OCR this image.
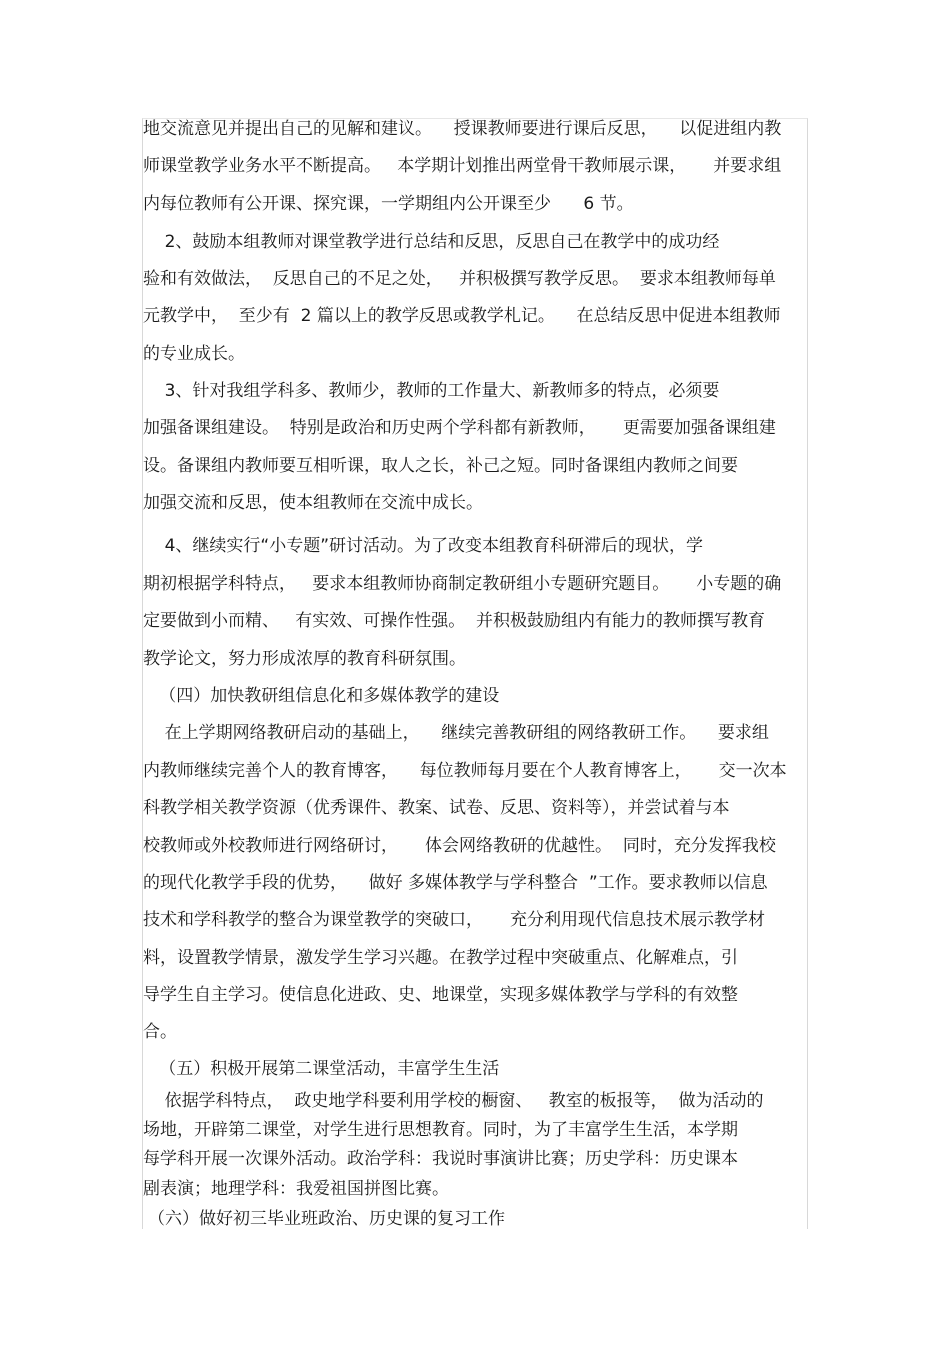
地交流意见并提出自己的见解和建议。    授课教师要进行课后反思，    以促进组内教
师课堂教学业务水平不断提高。   本学期计划推出两堂骨干教师展示课，     并要求组
内每位教师有公开课、探究课，一学期组内公开课至少      6 节。
2、鼓励本组教师对课堂教学进行总结和反思，反思自己在教学中的成功经
验和有效做法，  反思自己的不足之处，   并积极撰写教学反思。  要求本组教师每单
元教学中，  至少有  2 篇以上的教学反思或教学札记。    在总结反思中促进本组教师
的专业成长。
3、针对我组学科多、教师少，教师的工作量大、新教师多的特点，必须要
加强备课组建设。  特别是政治和历史两个学科都有新教师，     更需要加强备课组建
设。备课组内教师要互相听课，取人之长，补己之短。同时备课组内教师之间要
加强交流和反思，使本组教师在交流中成长。
4、继续实行“小专题”研讨活动。为了改变本组教育科研滞后的现状，学
期初根据学科特点，   要求本组教师协商制定教研组小专题研究题目。     小专题的确
定要做到小而精、   有实效、可操作性强。  并积极鼓励组内有能力的教师撰写教育
教学论文，努力形成浓厚的教育科研氛围。
（四）加快教研组信息化和多媒体教学的建设
在上学期网络教研启动的基础上，    继续完善教研组的网络教研工作。    要求组
内教师继续完善个人的教育博客，    每位教师每月要在个人教育博客上，     交一次本
科教学相关教学资源（优秀课件、教案、试卷、反思、资料等），并尝试着与本
校教师或外校教师进行网络研讨，     体会网络教研的优越性。  同时，充分发挥我校
的现代化教学手段的优势，    做好 多媒体教学与学科整合  ”工作。要求教师以信息
技术和学科教学的整合为课堂教学的突破口，     充分利用现代信息技术展示教学材
料，设置教学情景，激发学生学习兴趣。在教学过程中突破重点、化解难点，引
导学生自主学习。使信息化进政、史、地课堂，实现多媒体教学与学科的有效整
合。
（五）积极开展第二课堂活动，丰富学生生活
依据学科特点，  政史地学科要利用学校的橱窗、   教室的板报等，  做为活动的
场地，开辟第二课堂，对学生进行思想教育。同时，为了丰富学生生活，本学期
每学科开展一次课外活动。政治学科：我说时事演讲比赛；历史学科：历史课本
剧表演；地理学科：我爱祖国拼图比赛。
（六）做好初三毕业班政治、历史课的复习工作
